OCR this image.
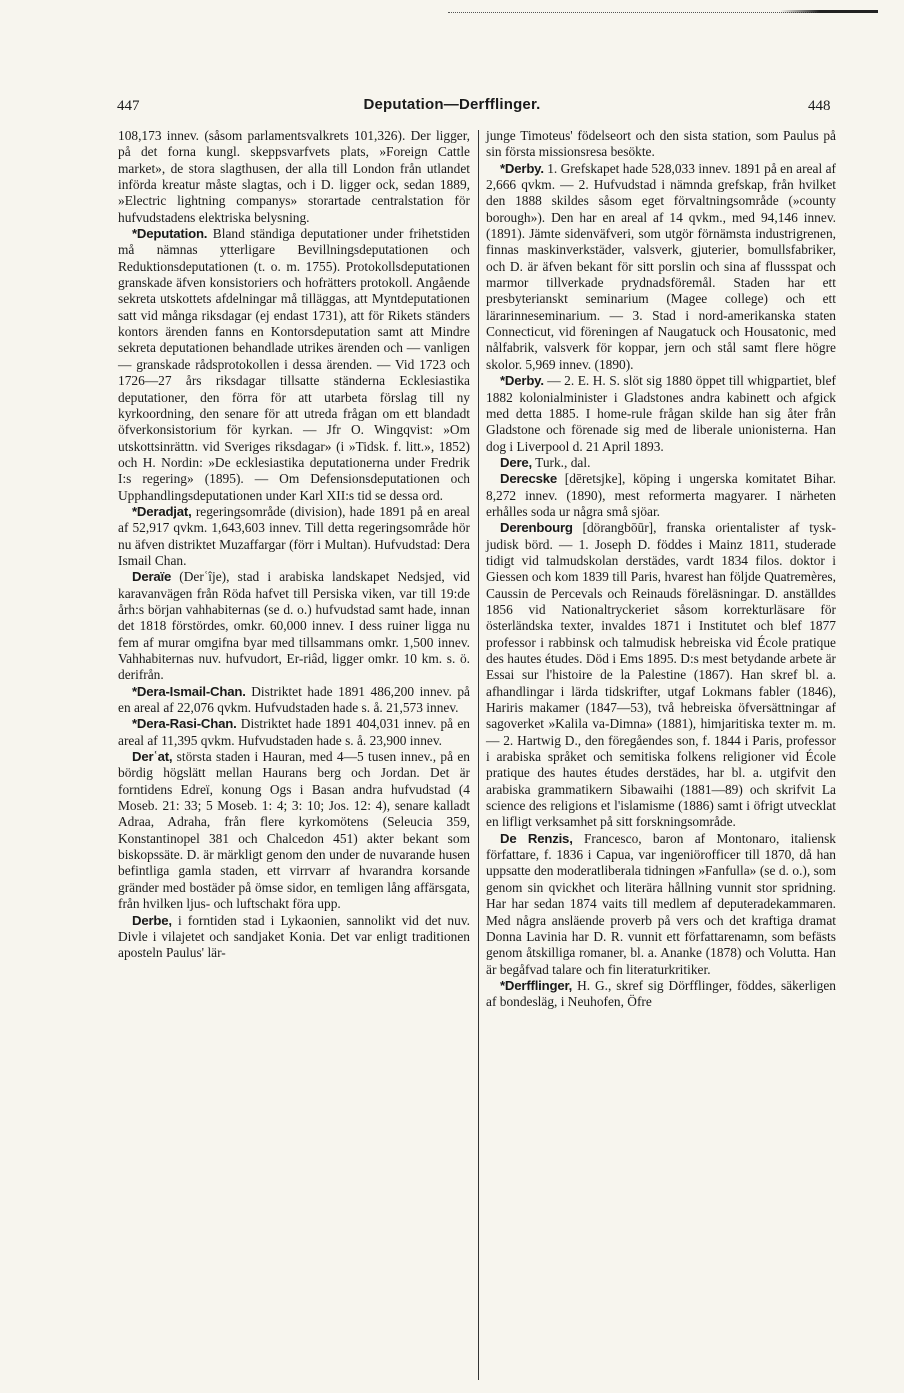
447	Deputation—Derfflinger.	448

108,173 innev. (såsom parlamentsvalkrets 101,326). Der ligger, på det forna kungl. skeppsvarfvets plats, »Foreign Cattle market», de stora slagthusen, der alla till London från utlandet införda kreatur måste slagtas, och i D. ligger ock, sedan 1889, »Electric lightning companys» storartade centralstation för hufvudstadens elektriska belysning.

*Deputation. Bland ständiga deputationer under frihetstiden må nämnas ytterligare Bevillningsdeputationen och Reduktionsdeputationen (t. o. m. 1755). Protokollsdeputationen granskade äfven konsistoriers och hofrätters protokoll. Angående sekreta utskottets afdelningar må tilläggas, att Myntdeputationen satt vid många riksdagar (ej endast 1731), att för Rikets ständers kontors ärenden fanns en Kontorsdeputation samt att Mindre sekreta deputationen behandlade utrikes ärenden och — vanligen — granskade rådsprotokollen i dessa ärenden. — Vid 1723 och 1726—27 års riksdagar tillsatte ständerna Ecklesiastika deputationer, den förra för att utarbeta förslag till ny kyrkoordning, den senare för att utreda frågan om ett blandadt öfverkonsistorium för kyrkan. — Jfr O. Wingqvist: »Om utskottsinrättn. vid Sveriges riksdagar» (i »Tidsk. f. litt.», 1852) och H. Nordin: »De ecklesiastika deputationerna under Fredrik I:s regering» (1895). — Om Defensionsdeputationen och Upphandlingsdeputationen under Karl XII:s tid se dessa ord.

*Deradjat, regeringsområde (division), hade 1891 på en areal af 52,917 qvkm. 1,643,603 innev. Till detta regeringsområde hör nu äfven distriktet Muzaffargar (förr i Multan). Hufvudstad: Dera Ismail Chan.

Deraïe (Derʿîje), stad i arabiska landskapet Nedsjed, vid karavanvägen från Röda hafvet till Persiska viken, var till 19:de årh:s början vahhabiternas (se d. o.) hufvudstad samt hade, innan det 1818 förstördes, omkr. 60,000 innev. I dess ruiner ligga nu fem af murar omgifna byar med tillsammans omkr. 1,500 innev. Vahhabiternas nuv. hufvudort, Er-riâd, ligger omkr. 10 km. s. ö. derifrån.

*Dera-Ismail-Chan. Distriktet hade 1891 486,200 innev. på en areal af 22,076 qvkm. Hufvudstaden hade s. å. 21,573 innev.

*Dera-Rasi-Chan. Distriktet hade 1891 404,031 innev. på en areal af 11,395 qvkm. Hufvudstaden hade s. å. 23,900 innev.

Derʿat, största staden i Hauran, med 4—5 tusen innev., på en bördig högslätt mellan Haurans berg och Jordan. Det är forntidens Edreï, konung Ogs i Basan andra hufvudstad (4 Moseb. 21: 33; 5 Moseb. 1: 4; 3: 10; Jos. 12: 4), senare kalladt Adraa, Adraha, från flere kyrkomötens (Seleucia 359, Konstantinopel 381 och Chalcedon 451) akter bekant som biskopssäte. D. är märkligt genom den under de nuvarande husen befintliga gamla staden, ett virrvarr af hvarandra korsande gränder med bostäder på ömse sidor, en temligen lång affärsgata, från hvilken ljus- och luftschakt föra upp.

Derbe, i forntiden stad i Lykaonien, sannolikt vid det nuv. Divle i vilajetet och sandjaket Konia. Det var enligt traditionen aposteln Paulus' lär-

junge Timoteus' födelseort och den sista station, som Paulus på sin första missionsresa besökte.

*Derby. 1. Grefskapet hade 528,033 innev. 1891 på en areal af 2,666 qvkm. — 2. Hufvudstad i nämnda grefskap, från hvilket den 1888 skildes såsom eget förvaltningsområde (»county borough»). Den har en areal af 14 qvkm., med 94,146 innev. (1891). Jämte sidenväfveri, som utgör förnämsta industrigrenen, finnas maskinverkstäder, valsverk, gjuterier, bomullsfabriker, och D. är äfven bekant för sitt porslin och sina af flussspat och marmor tillverkade prydnadsföremål. Staden har ett presbyterianskt seminarium (Magee college) och ett lärarinneseminarium. — 3. Stad i nord-amerikanska staten Connecticut, vid föreningen af Naugatuck och Housatonic, med nålfabrik, valsverk för koppar, jern och stål samt flere högre skolor. 5,969 innev. (1890).

*Derby. — 2. E. H. S. slöt sig 1880 öppet till whigpartiet, blef 1882 kolonialminister i Gladstones andra kabinett och afgick med detta 1885. I home-rule frågan skilde han sig åter från Gladstone och förenade sig med de liberale unionisterna. Han dog i Liverpool d. 21 April 1893.

Dere, Turk., dal.

Derecske [dēretsjke], köping i ungerska komitatet Bihar. 8,272 innev. (1890), mest reformerta magyarer. I närheten erhålles soda ur några små sjöar.

Derenbourg [dörangbōūr], franska orientalister af tysk-judisk börd. — 1. Joseph D. föddes i Mainz 1811, studerade tidigt vid talmudskolan derstädes, vardt 1834 filos. doktor i Giessen och kom 1839 till Paris, hvarest han följde Quatremères, Caussin de Percevals och Reinauds föreläsningar. D. anställdes 1856 vid Nationaltryckeriet såsom korrekturläsare för österländska texter, invaldes 1871 i Institutet och blef 1877 professor i rabbinsk och talmudisk hebreiska vid École pratique des hautes études. Död i Ems 1895. D:s mest betydande arbete är Essai sur l'histoire de la Palestine (1867). Han skref bl. a. afhandlingar i lärda tidskrifter, utgaf Lokmans fabler (1846), Hariris makamer (1847—53), två hebreiska öfversättningar af sagoverket »Kalila va-Dimna» (1881), himjaritiska texter m. m. — 2. Hartwig D., den föregåendes son, f. 1844 i Paris, professor i arabiska språket och semitiska folkens religioner vid École pratique des hautes études derstädes, har bl. a. utgifvit den arabiska grammatikern Sibawaihi (1881—89) och skrifvit La science des religions et l'islamisme (1886) samt i öfrigt utvecklat en lifligt verksamhet på sitt forskningsområde.

De Renzis, Francesco, baron af Montonaro, italiensk författare, f. 1836 i Capua, var ingeniörofficer till 1870, då han uppsatte den moderatliberala tidningen »Fanfulla» (se d. o.), som genom sin qvickhet och literära hållning vunnit stor spridning. Har har sedan 1874 vaits till medlem af deputeradekammaren. Med några ansläende proverb på vers och det kraftiga dramat Donna Lavinia har D. R. vunnit ett författarenamn, som befästs genom åtskilliga romaner, bl. a. Ananke (1878) och Volutta. Han är begåfvad talare och fin literaturkritiker.

*Derfflinger, H. G., skref sig Dörfflinger, föddes, säkerligen af bondesläg, i Neuhofen, Öfre
